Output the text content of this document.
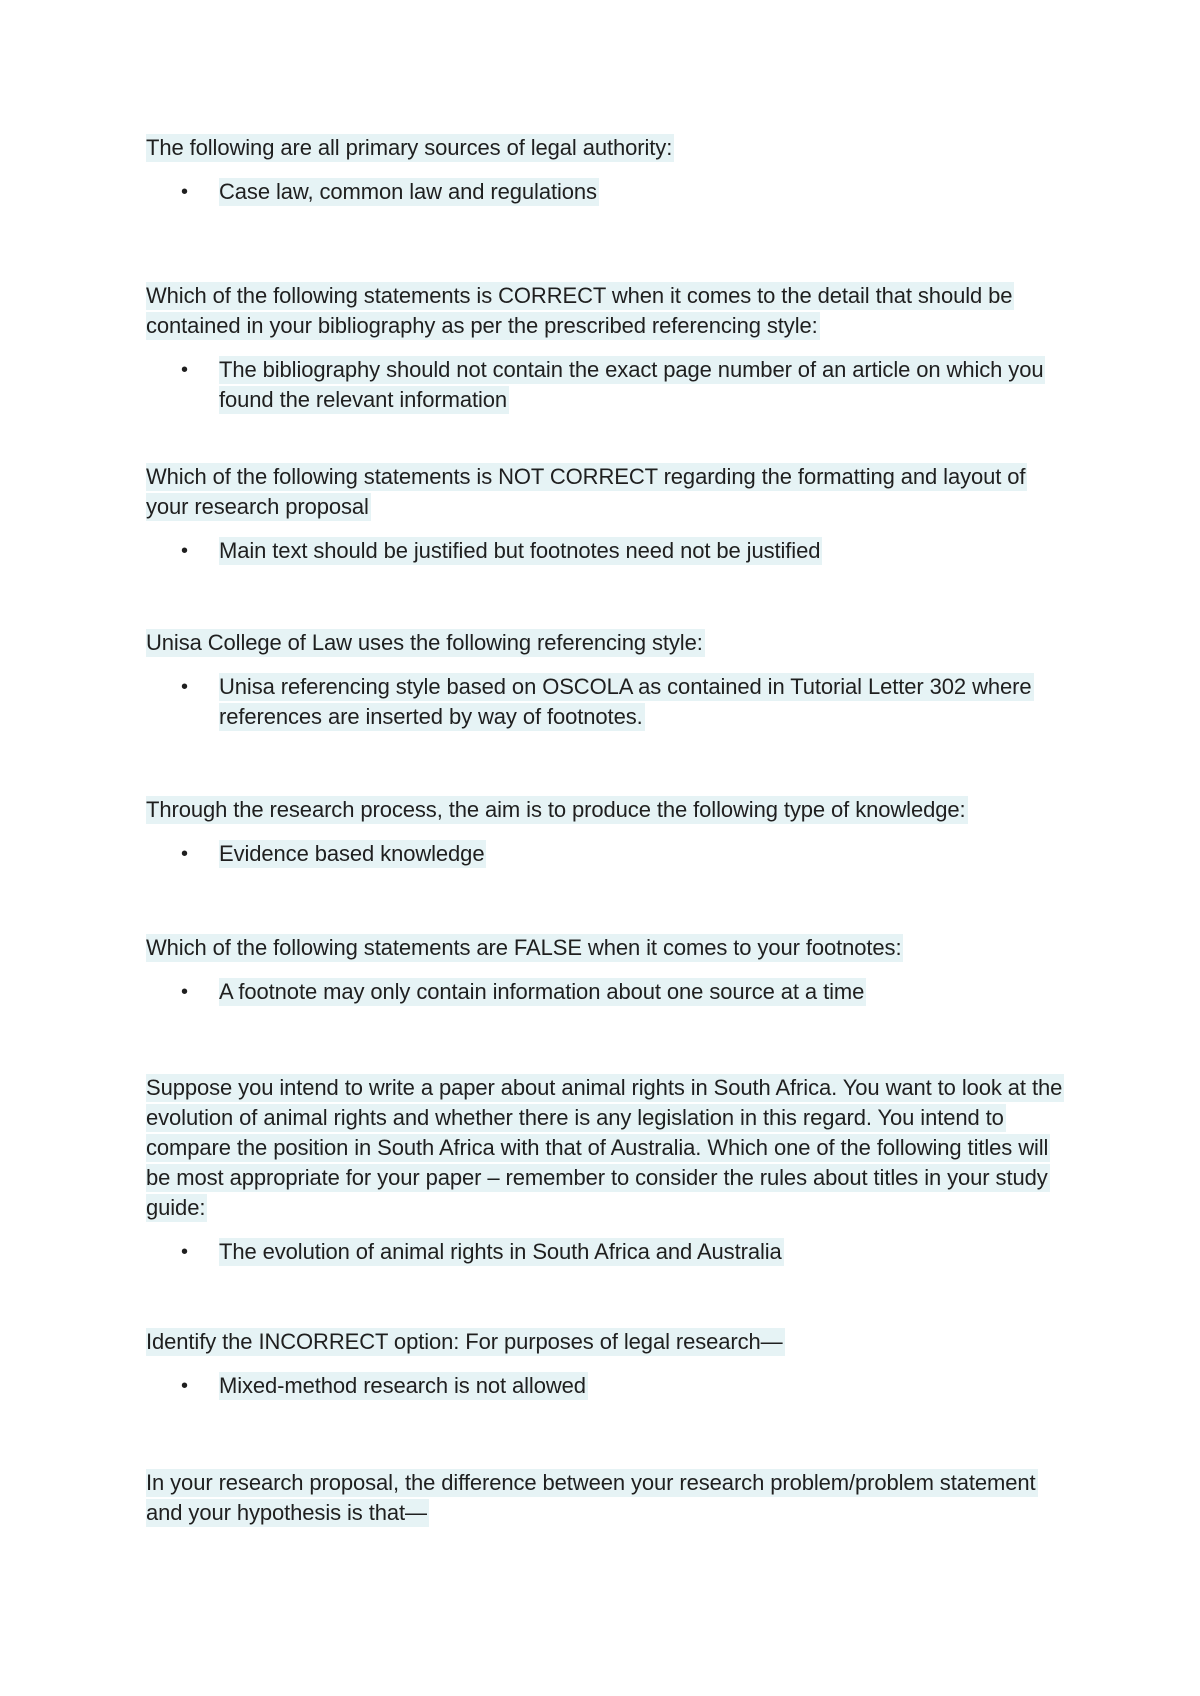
The following are all primary sources of legal authority:

• Case law, common law and regulations

Which of the following statements is CORRECT when it comes to the detail that should be contained in your bibliography as per the prescribed referencing style:

• The bibliography should not contain the exact page number of an article on which you found the relevant information

Which of the following statements is NOT CORRECT regarding the formatting and layout of your research proposal

• Main text should be justified but footnotes need not be justified

Unisa College of Law uses the following referencing style:

• Unisa referencing style based on OSCOLA as contained in Tutorial Letter 302 where references are inserted by way of footnotes.

Through the research process, the aim is to produce the following type of knowledge:

• Evidence based knowledge

Which of the following statements are FALSE when it comes to your footnotes:

• A footnote may only contain information about one source at a time

Suppose you intend to write a paper about animal rights in South Africa. You want to look at the evolution of animal rights and whether there is any legislation in this regard. You intend to compare the position in South Africa with that of Australia. Which one of the following titles will be most appropriate for your paper – remember to consider the rules about titles in your study guide:

• The evolution of animal rights in South Africa and Australia

Identify the INCORRECT option: For purposes of legal research—

• Mixed-method research is not allowed

In your research proposal, the difference between your research problem/problem statement and your hypothesis is that—
